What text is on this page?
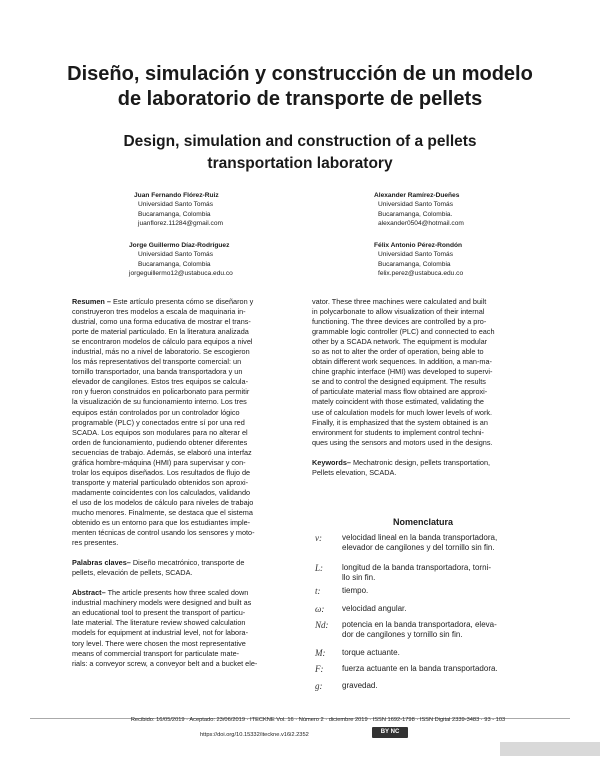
Diseño, simulación y construcción de un modelo
de laboratorio de transporte de pellets
Design, simulation and construction of a pellets
transportation laboratory
Juan Fernando Flórez-Ruiz
Universidad Santo Tomás
Bucaramanga, Colombia
juanflorez.11284@gmail.com
Alexander Ramírez-Dueñes
Universidad Santo Tomás
Bucaramanga, Colombia.
alexander0504@hotmail.com
Jorge Guillermo Díaz-Rodríguez
Universidad Santo Tomás
Bucaramanga, Colombia
jorgeguillermo12@ustabuca.edu.co
Félix Antonio Pérez-Rondón
Universidad Santo Tomás
Bucaramanga, Colombia
felix.perez@ustabuca.edu.co

Resumen – Este artículo presenta cómo se diseñaron y
construyeron tres modelos a escala de maquinaria in-
dustrial, como una forma educativa de mostrar el trans-
porte de material particulado. En la literatura analizada
se encontraron modelos de cálculo para equipos a nivel
industrial, más no a nivel de laboratorio. Se escogieron
los más representativos del transporte comercial: un
tornillo transportador, una banda transportadora y un
elevador de cangilones. Estos tres equipos se calcula-
ron y fueron construidos en policarbonato para permitir
la visualización de su funcionamiento interno. Los tres
equipos están controlados por un controlador lógico
programable (PLC) y conectados entre sí por una red
SCADA. Los equipos son modulares para no alterar el
orden de funcionamiento, pudiendo obtener diferentes
secuencias de trabajo. Además, se elaboró una interfaz
gráfica hombre-máquina (HMI) para supervisar y con-
trolar los equipos diseñados. Los resultados de flujo de
transporte y material particulado obtenidos son aproxi-
madamente coincidentes con los calculados, validando
el uso de los modelos de cálculo para niveles de trabajo
mucho menores. Finalmente, se destaca que el sistema
obtenido es un entorno para que los estudiantes imple-
menten técnicas de control usando los sensores y moto-
res presentes.

Palabras claves– Diseño mecatrónico, transporte de
pellets, elevación de pellets, SCADA.

Abstract– The article presents how three scaled down
industrial machinery models were designed and built as
an educational tool to present the transport of particu-
late material. The literature review showed calculation
models for equipment at industrial level, not for labora-
tory level. There were chosen the most representative
means of commercial transport for particulate mate-
rials: a conveyor screw, a conveyor belt and a bucket ele-

vator. These three machines were calculated and built
in polycarbonate to allow visualization of their internal
functioning. The three devices are controlled by a pro-
grammable logic controller (PLC) and connected to each
other by a SCADA network. The equipment is modular
so as not to alter the order of operation, being able to
obtain different work sequences. In addition, a man-ma-
chine graphic interface (HMI) was developed to supervi-
se and to control the designed equipment. The results
of particulate material mass flow obtained are approxi-
mately coincident with those estimated, validating the
use of calculation models for much lower levels of work.
Finally, it is emphasized that the system obtained is an
environment for students to implement control techni-
ques using the sensors and motors used in the designs.

Keywords– Mechatronic design, pellets transportation,
Pellets elevation, SCADA.

Nomenclatura
v:	velocidad lineal en la banda transportadora,
elevador de cangilones y del tornillo sin fin.
L: longitud de la banda transportadora, torni-
llo sin fin.
t:	tiempo.
ω: velocidad angular.
Nd: potencia en la banda transportadora, eleva-
dor de cangilones y tornillo sin fin.
M: torque actuante.
F: fuerza actuante en la banda transportadora.
g: gravedad.
Recibido: 16/05/2019 · Aceptado: 23/06/2019 · ITECKNE Vol. 16 · Número 2 · diciembre 2019 · ISSN 1692-1798 · ISSN Digital 2339-3483 · 93 - 103
https://doi.org/10.15332/iteckne.v16i2.2352	BY NC
